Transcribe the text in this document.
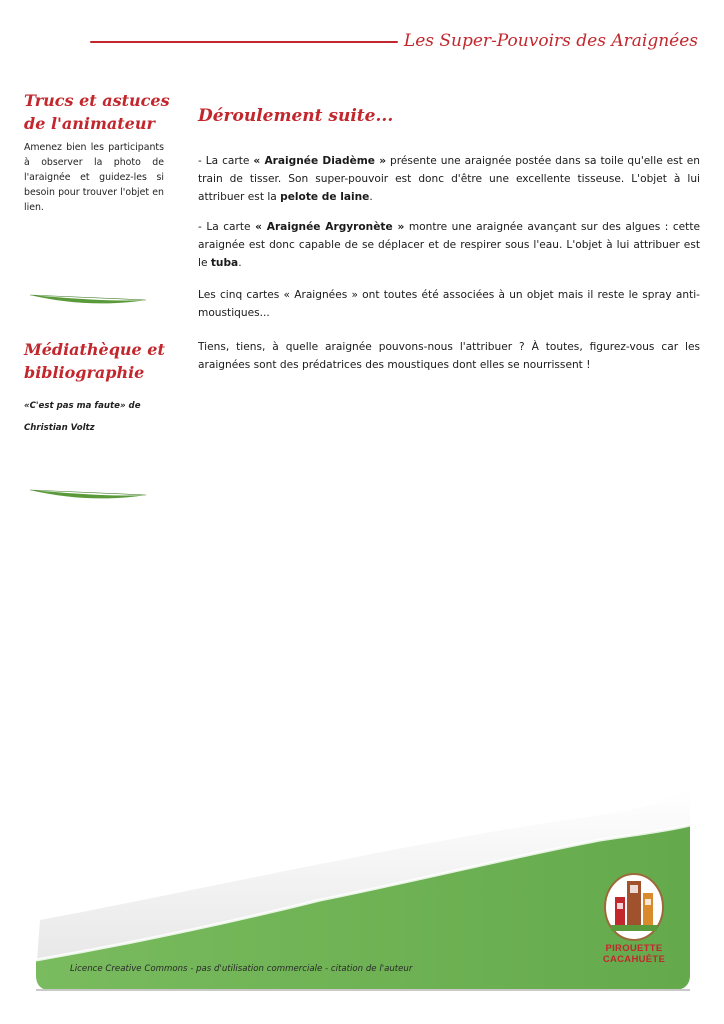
Les Super-Pouvoirs des Araignées
Trucs et astuces
de l'animateur
Amenez bien les participants à observer la photo de l'araignée et guidez-les si besoin pour trouver l'objet en lien.
Médiathèque et
bibliographie
«C'est pas ma faute» de
Christian Voltz
Déroulement suite...
- La carte « Araignée Diadème » présente une araignée postée dans sa toile qu'elle est en train de tisser. Son super-pouvoir est donc d'être une excellente tisseuse. L'objet à lui attribuer est la pelote de laine.
- La carte « Araignée Argyronète » montre une araignée avançant sur des algues : cette araignée est donc capable de se déplacer et de respirer sous l'eau. L'objet à lui attribuer est le tuba.
Les cinq cartes « Araignées » ont toutes été associées à un objet mais il reste le spray anti-moustiques...
Tiens, tiens, à quelle araignée pouvons-nous l'attribuer ? À toutes, figurez-vous car les araignées sont des prédatrices des moustiques dont elles se nourrissent !
Licence Creative Commons - pas d'utilisation commerciale - citation de l'auteur
PIROUETTE
CACAHUÈTE
